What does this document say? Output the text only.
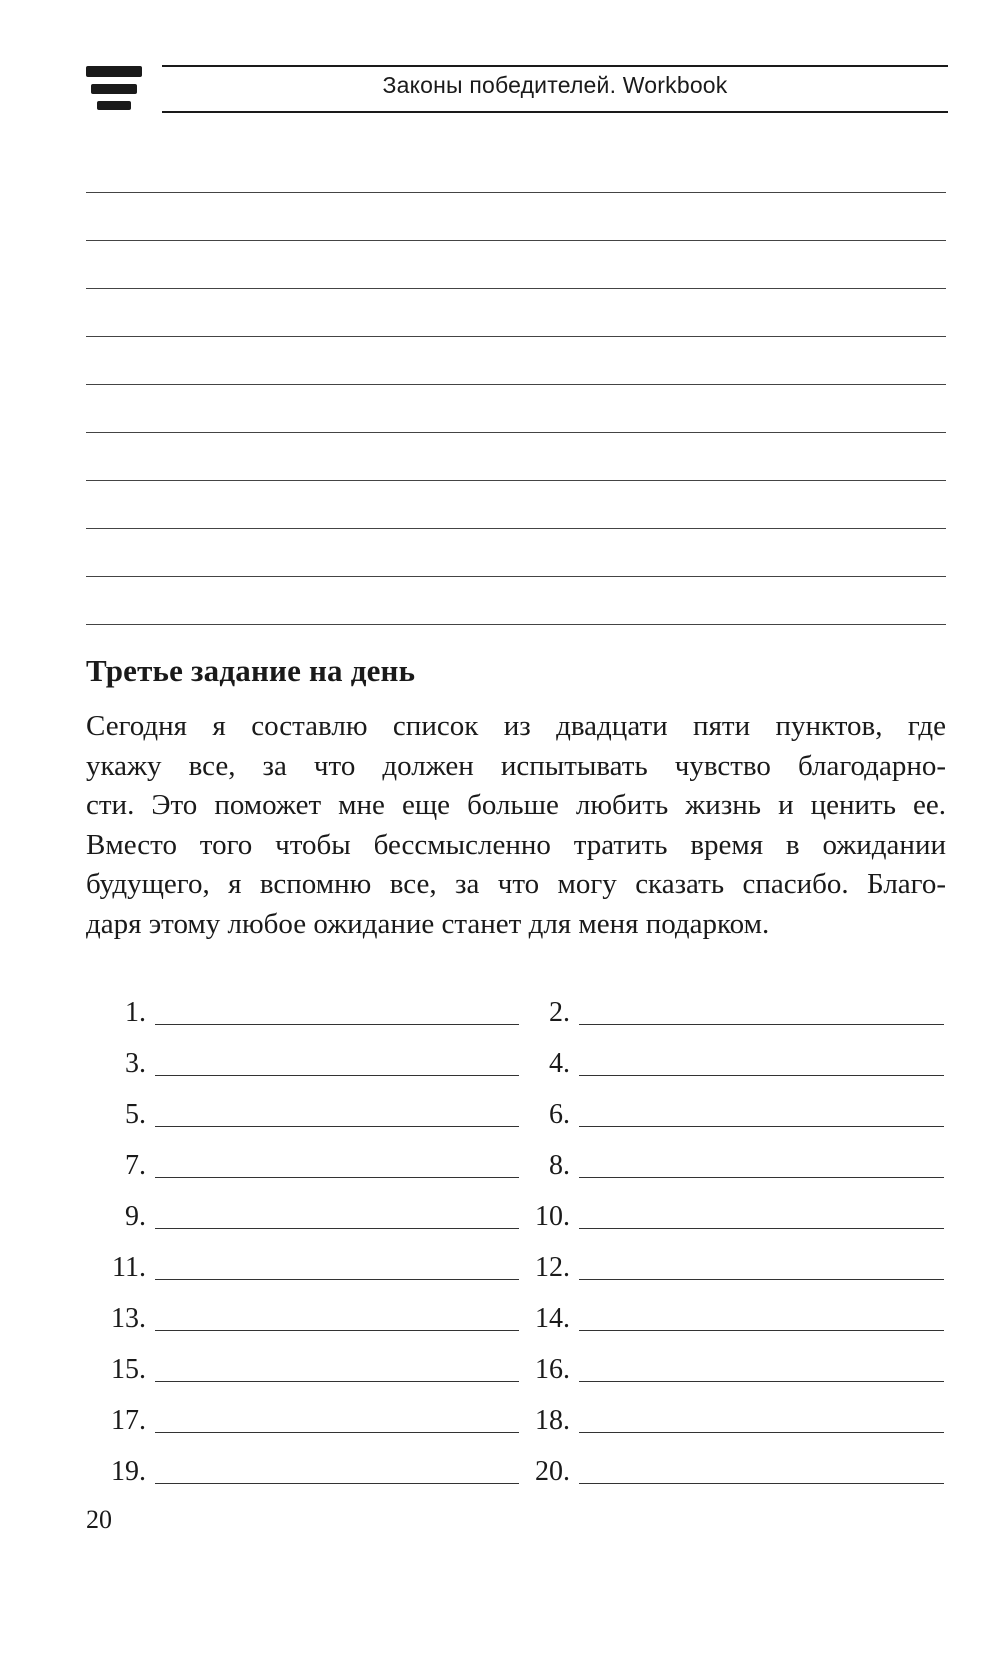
Законы победителей. Workbook
Третье задание на день
Сегодня я составлю список из двадцати пяти пунктов, где
укажу все, за что должен испытывать чувство благодарно-
сти. Это поможет мне еще больше любить жизнь и ценить ее.
Вместо того чтобы бессмысленно тратить время в ожидании
будущего, я вспомню все, за что могу сказать спасибо. Благо-
даря этому любое ожидание станет для меня подарком.
1.	2.
3.	4.
5.	6.
7.	8.
9.	10.
11.	12.
13.	14.
15.	16.
17.	18.
19.	20.
20
